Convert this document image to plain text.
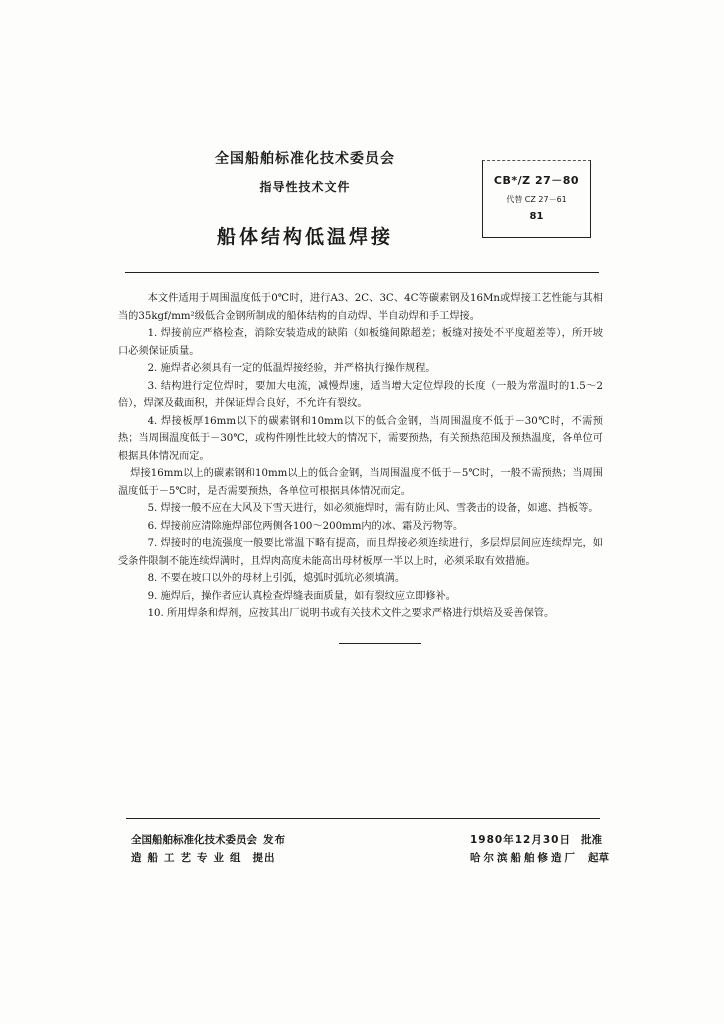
全国船舶标准化技术委员会
指导性技术文件
船体结构低温焊接
CB*/Z 27－80
代替 CZ 27－61
81

本文件适用于周围温度低于0℃时，进行A3、2C、3C、4C等碳素钢及16Mn或焊接工艺性能与其相当的35kgf/mm²级低合金钢所制成的船体结构的自动焊、半自动焊和手工焊接。

1. 焊接前应严格检查，消除安装造成的缺陷（如板缝间隙超差；板缝对接处不平度超差等），所开坡口必须保证质量。

2. 施焊者必须具有一定的低温焊接经验，并严格执行操作规程。

3. 结构进行定位焊时，要加大电流，减慢焊速，适当增大定位焊段的长度（一般为常温时的1.5～2倍），焊深及截面积，并保证焊合良好，不允许有裂纹。

4. 焊接板厚16mm以下的碳素钢和10mm以下的低合金钢，当周围温度不低于－30℃时，不需预热；当周围温度低于－30℃，或构件刚性比较大的情况下，需要预热，有关预热范围及预热温度，各单位可根据具体情况而定。

焊接16mm以上的碳素钢和10mm以上的低合金钢，当周围温度不低于－5℃时，一般不需预热；当周围温度低于－5℃时，是否需要预热，各单位可根据具体情况而定。

5. 焊接一般不应在大风及下雪天进行，如必须施焊时，需有防止风、雪袭击的设备，如遮、挡板等。

6. 焊接前应清除施焊部位两侧各100～200mm内的冰、霜及污物等。

7. 焊接时的电流强度一般要比常温下略有提高，而且焊接必须连续进行，多层焊层间应连续焊完，如受条件限制不能连续焊满时，且焊肉高度未能高出母材板厚一半以上时，必须采取有效措施。

8. 不要在坡口以外的母材上引弧，熄弧时弧坑必须填满。

9. 施焊后，操作者应认真检查焊缝表面质量，如有裂纹应立即修补。

10. 所用焊条和焊剂，应按其出厂说明书或有关技术文件之要求严格进行烘焙及妥善保管。

全国船舶标准化技术委员会 发布
造船工艺专业组 提出
1980年12月30日 批准
哈尔滨船舶修造厂 起草
